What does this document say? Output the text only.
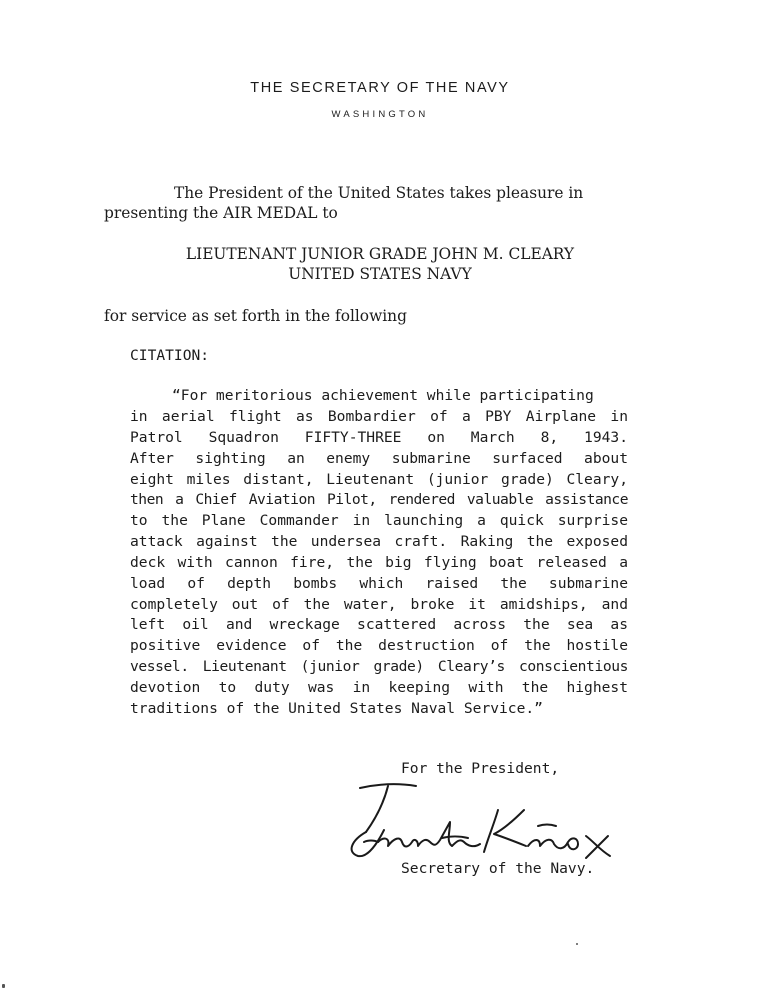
THE SECRETARY OF THE NAVY
WASHINGTON
The President of the United States takes pleasure in
presenting the AIR MEDAL to
LIEUTENANT JUNIOR GRADE JOHN M. CLEARY
UNITED STATES NAVY
for service as set forth in the following
CITATION:
“For meritorious achievement while participating
in aerial flight as Bombardier of a PBY Airplane in
Patrol Squadron FIFTY-THREE on March 8, 1943.
After sighting an enemy submarine surfaced about
eight miles distant, Lieutenant (junior grade) Cleary,
then a Chief Aviation Pilot, rendered valuable assistance
to the Plane Commander in launching a quick surprise
attack against the undersea craft. Raking the exposed
deck with cannon fire, the big flying boat released a
load of depth bombs which raised the submarine
completely out of the water, broke it amidships, and
left oil and wreckage scattered across the sea as
positive evidence of the destruction of the hostile
vessel. Lieutenant (junior grade) Cleary’s conscientious
devotion to duty was in keeping with the highest
traditions of the United States Naval Service.”
For the President,
Secretary of the Navy.
